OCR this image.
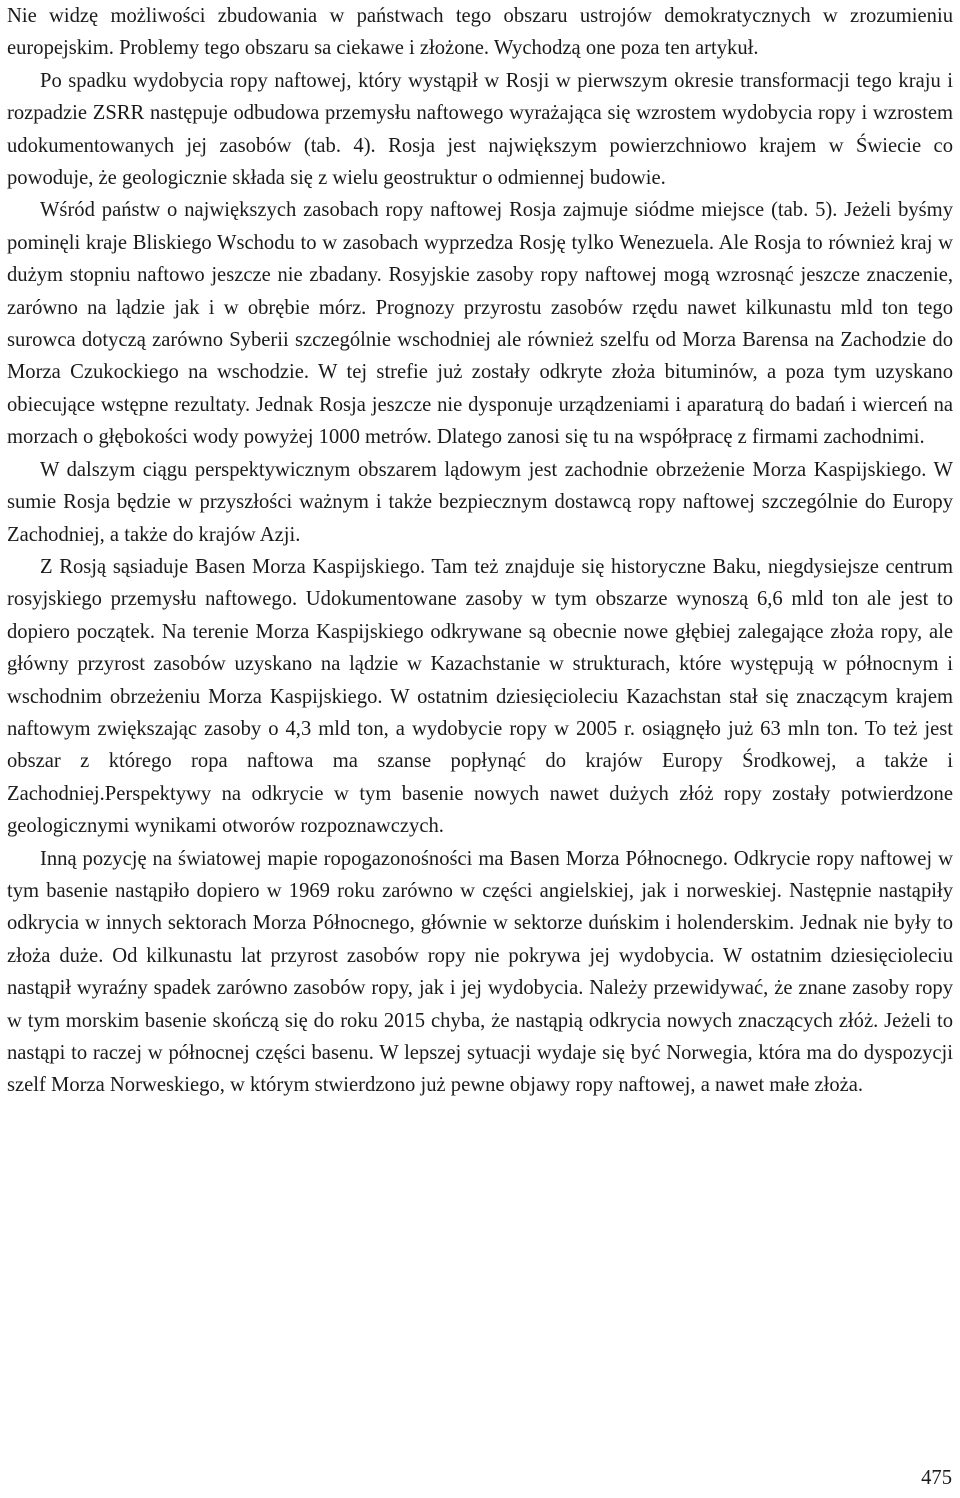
Nie widzę możliwości zbudowania w państwach tego obszaru ustrojów demokratycznych w zrozumieniu europejskim. Problemy tego obszaru sa ciekawe i złożone. Wychodzą one poza ten artykuł.

Po spadku wydobycia ropy naftowej, który wystąpił w Rosji w pierwszym okresie transformacji tego kraju i rozpadzie ZSRR następuje odbudowa przemysłu naftowego wyrażająca się wzrostem wydobycia ropy i wzrostem udokumentowanych jej zasobów (tab. 4). Rosja jest największym powierzchniowo krajem w Świecie co powoduje, że geologicznie składa się z wielu geostruktur o odmiennej budowie.

Wśród państw o największych zasobach ropy naftowej Rosja zajmuje siódme miejsce (tab. 5). Jeżeli byśmy pominęli kraje Bliskiego Wschodu to w zasobach wyprzedza Rosję tylko Wenezuela. Ale Rosja to również kraj w dużym stopniu naftowo jeszcze nie zbadany. Rosyjskie zasoby ropy naftowej mogą wzrosnąć jeszcze znaczenie, zarówno na lądzie jak i w obrębie mórz. Prognozy przyrostu zasobów rzędu nawet kilkunastu mld ton tego surowca dotyczą zarówno Syberii szczególnie wschodniej ale również szelfu od Morza Barensa na Zachodzie do Morza Czukockiego na wschodzie. W tej strefie już zostały odkryte złoża bituminów, a poza tym uzyskano obiecujące wstępne rezultaty. Jednak Rosja jeszcze nie dysponuje urządzeniami i aparaturą do badań i wierceń na morzach o głębokości wody powyżej 1000 metrów. Dlatego zanosi się tu na współpracę z firmami zachodnimi.

W dalszym ciągu perspektywicznym obszarem lądowym jest zachodnie obrzeżenie Morza Kaspijskiego. W sumie Rosja będzie w przyszłości ważnym i także bezpiecznym dostawcą ropy naftowej szczególnie do Europy Zachodniej, a także do krajów Azji.

Z Rosją sąsiaduje Basen Morza Kaspijskiego. Tam też znajduje się historyczne Baku, niegdysiejsze centrum rosyjskiego przemysłu naftowego. Udokumentowane zasoby w tym obszarze wynoszą 6,6 mld ton ale jest to dopiero początek. Na terenie Morza Kaspijskiego odkrywane są obecnie nowe głębiej zalegające złoża ropy, ale główny przyrost zasobów uzyskano na lądzie w Kazachstanie w strukturach, które występują w północnym i wschodnim obrzeżeniu Morza Kaspijskiego. W ostatnim dziesięcioleciu Kazachstan stał się znaczącym krajem naftowym zwiększając zasoby o 4,3 mld ton, a wydobycie ropy w 2005 r. osiągnęło już 63 mln ton. To też jest obszar z którego ropa naftowa ma szanse popłynąć do krajów Europy Środkowej, a także i Zachodniej.Perspektywy na odkrycie w tym basenie nowych nawet dużych złóż ropy zostały potwierdzone geologicznymi wynikami otworów rozpoznawczych.

Inną pozycję na światowej mapie ropogazonośności ma Basen Morza Północnego. Odkrycie ropy naftowej w tym basenie nastąpiło dopiero w 1969 roku zarówno w części angielskiej, jak i norweskiej. Następnie nastąpiły odkrycia w innych sektorach Morza Północnego, głównie w sektorze duńskim i holenderskim. Jednak nie były to złoża duże. Od kilkunastu lat przyrost zasobów ropy nie pokrywa jej wydobycia. W ostatnim dziesięcioleciu nastąpił wyraźny spadek zarówno zasobów ropy, jak i jej wydobycia. Należy przewidywać, że znane zasoby ropy w tym morskim basenie skończą się do roku 2015 chyba, że nastąpią odkrycia nowych znaczących złóż. Jeżeli to nastąpi to raczej w północnej części basenu. W lepszej sytuacji wydaje się być Norwegia, która ma do dyspozycji szelf Morza Norweskiego, w którym stwierdzono już pewne objawy ropy naftowej, a nawet małe złoża.

475
